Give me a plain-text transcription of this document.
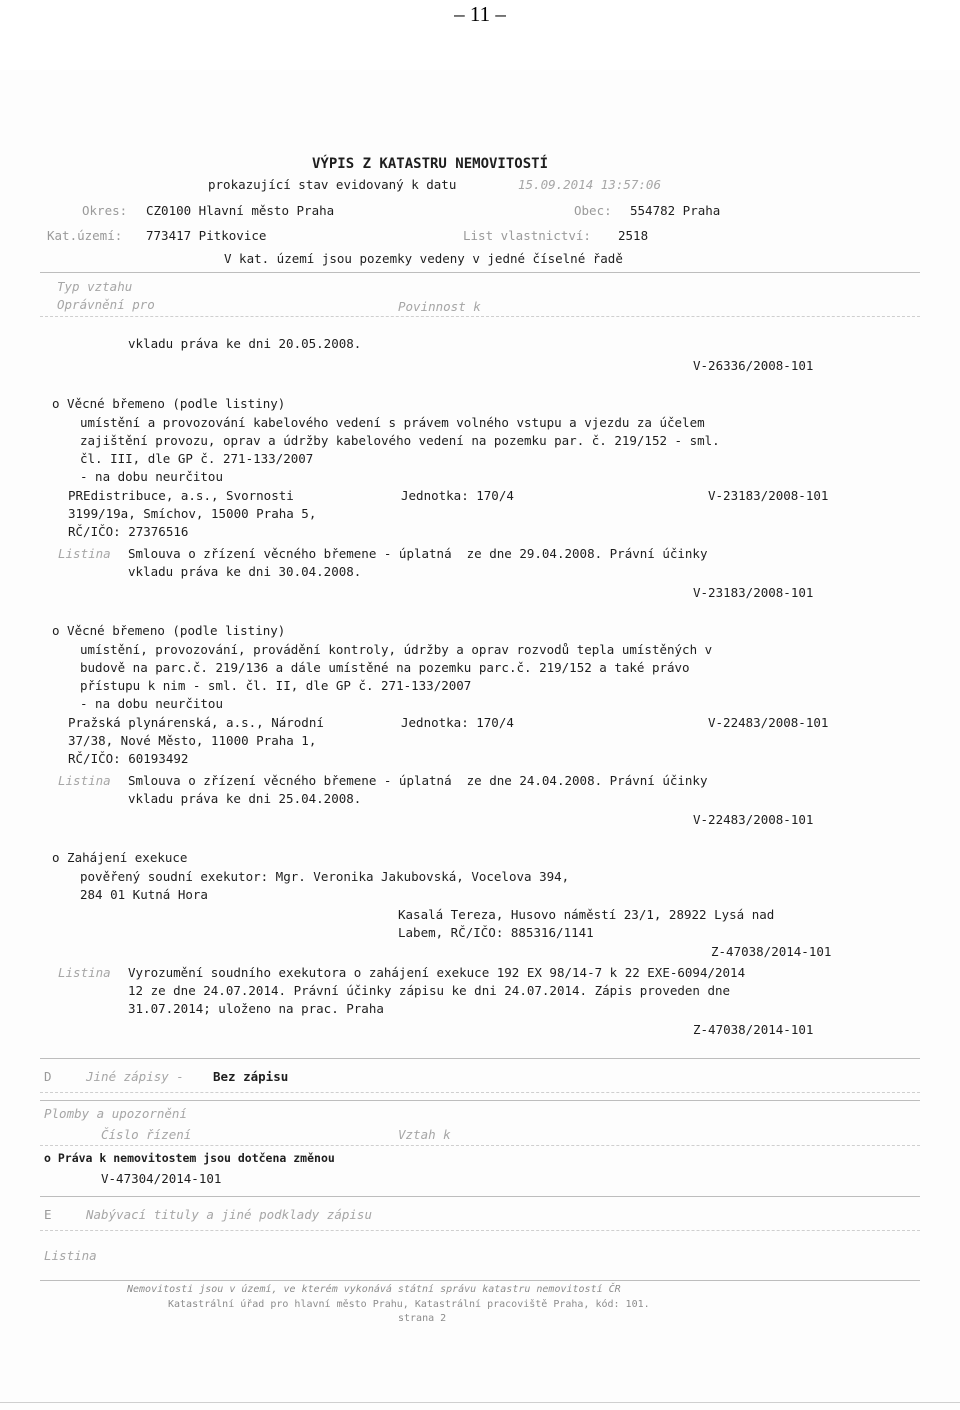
– 11 –
VÝPIS Z KATASTRU NEMOVITOSTÍ
prokazující stav evidovaný k datu	15.09.2014 13:57:06
Okres: CZ0100 Hlavní město Praha	Obec: 554782 Praha
Kat.území: 773417 Pitkovice	List vlastnictví: 2518
V kat. území jsou pozemky vedeny v jedné číselné řadě
Typ vztahu
Oprávnění pro	Povinnost k
vkladu práva ke dni 20.05.2008.
V-26336/2008-101
o Věcné břemeno (podle listiny)
umístění a provozování kabelového vedení s právem volného vstupu a vjezdu za účelem
zajištění provozu, oprav a údržby kabelového vedení na pozemku par. č. 219/152 - sml.
čl. III, dle GP č. 271-133/2007
- na dobu neurčitou
PREdistribuce, a.s., Svornosti
3199/19a, Smíchov, 15000 Praha 5,
RČ/IČO: 27376516
Jednotka: 170/4	V-23183/2008-101
Listina Smlouva o zřízení věcného břemene - úplatná  ze dne 29.04.2008. Právní účinky
vkladu práva ke dni 30.04.2008.
V-23183/2008-101
o Věcné břemeno (podle listiny)
umístění, provozování, provádění kontroly, údržby a oprav rozvodů tepla umístěných v
budově na parc.č. 219/136 a dále umístěné na pozemku parc.č. 219/152 a také právo
přístupu k nim - sml. čl. II, dle GP č. 271-133/2007
- na dobu neurčitou
Pražská plynárenská, a.s., Národní
37/38, Nové Město, 11000 Praha 1,
RČ/IČO: 60193492
Jednotka: 170/4	V-22483/2008-101
Listina Smlouva o zřízení věcného břemene - úplatná  ze dne 24.04.2008. Právní účinky
vkladu práva ke dni 25.04.2008.
V-22483/2008-101
o Zahájení exekuce
pověřený soudní exekutor: Mgr. Veronika Jakubovská, Vocelova 394,
284 01 Kutná Hora
Kasalá Tereza, Husovo náměstí 23/1, 28922 Lysá nad
Labem, RČ/IČO: 885316/1141
Z-47038/2014-101
Listina Vyrozumění soudního exekutora o zahájení exekuce 192 EX 98/14-7 k 22 EXE-6094/2014
12 ze dne 24.07.2014. Právní účinky zápisu ke dni 24.07.2014. Zápis proveden dne
31.07.2014; uloženo na prac. Praha
Z-47038/2014-101
D	Jiné zápisy - Bez zápisu
Plomby a upozornění
Číslo řízení	Vztah k
o Práva k nemovitostem jsou dotčena změnou
V-47304/2014-101
E	Nabývací tituly a jiné podklady zápisu
Listina
Nemovitosti jsou v území, ve kterém vykonává státní správu katastru nemovitostí ČR
Katastrální úřad pro hlavní město Prahu, Katastrální pracoviště Praha, kód: 101.
strana 2
